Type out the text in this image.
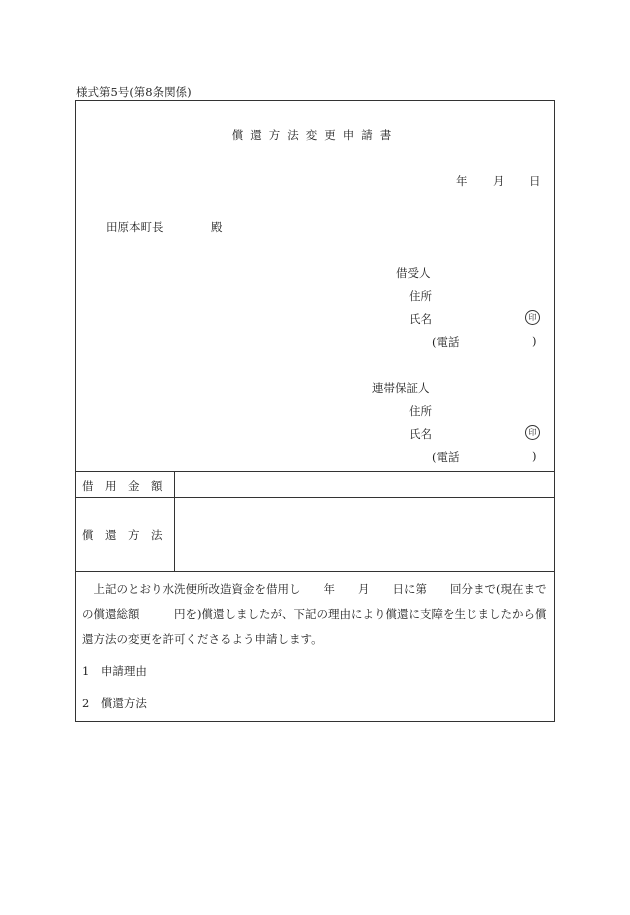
様式第5号(第8条関係)
償還方法変更申請書
年 月 日
田原本町長	殿
借受人
住所
氏名	印
(電話	)
連帯保証人
住所
氏名	印
(電話	)
借　用　金　額
償　還　方　法

　上記のとおり水洗便所改造資金を借用し　　年　　月　　日に第　　回分まで(現在までの償還総額　　　円を)償還しましたが、下記の理由により償還に支障を生じましたから償還方法の変更を許可くださるよう申請します。

1　申請理由

2　償還方法
